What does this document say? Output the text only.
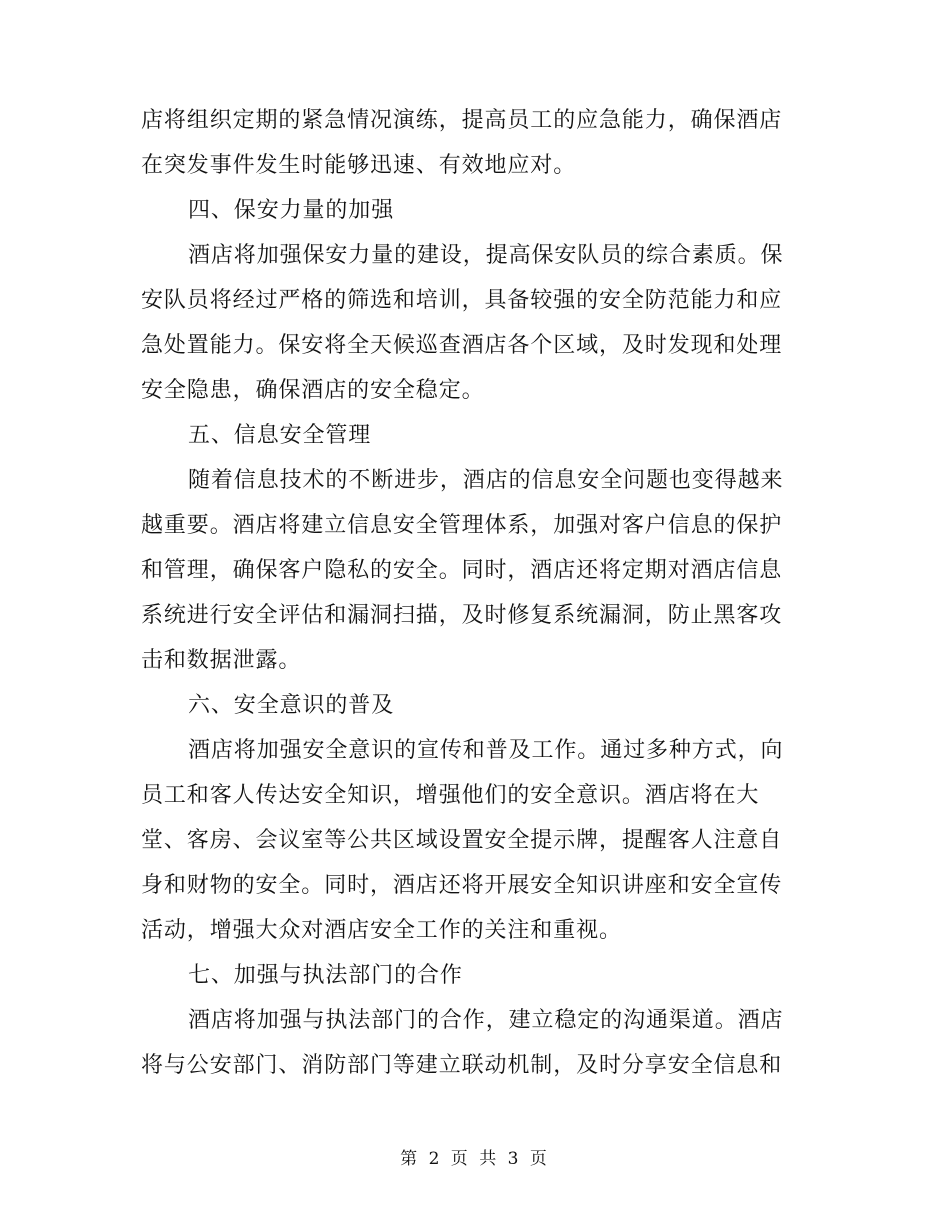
店将组织定期的紧急情况演练，提高员工的应急能力，确保酒店
在突发事件发生时能够迅速、有效地应对。
四、保安力量的加强
酒店将加强保安力量的建设，提高保安队员的综合素质。保
安队员将经过严格的筛选和培训，具备较强的安全防范能力和应
急处置能力。保安将全天候巡查酒店各个区域，及时发现和处理
安全隐患，确保酒店的安全稳定。
五、信息安全管理
随着信息技术的不断进步，酒店的信息安全问题也变得越来
越重要。酒店将建立信息安全管理体系，加强对客户信息的保护
和管理，确保客户隐私的安全。同时，酒店还将定期对酒店信息
系统进行安全评估和漏洞扫描，及时修复系统漏洞，防止黑客攻
击和数据泄露。
六、安全意识的普及
酒店将加强安全意识的宣传和普及工作。通过多种方式，向
员工和客人传达安全知识，增强他们的安全意识。酒店将在大
堂、客房、会议室等公共区域设置安全提示牌，提醒客人注意自
身和财物的安全。同时，酒店还将开展安全知识讲座和安全宣传
活动，增强大众对酒店安全工作的关注和重视。
七、加强与执法部门的合作
酒店将加强与执法部门的合作，建立稳定的沟通渠道。酒店
将与公安部门、消防部门等建立联动机制，及时分享安全信息和
第 2 页 共 3 页
